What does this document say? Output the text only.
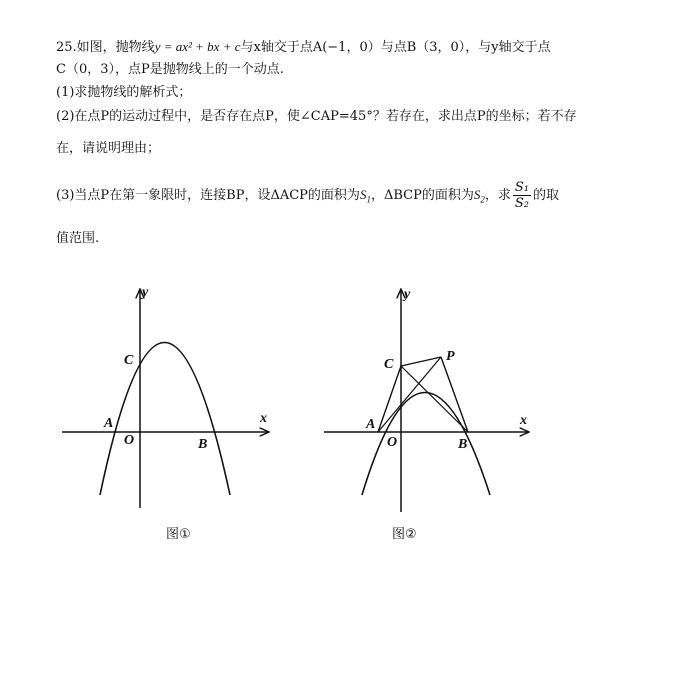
25.如图，抛物线y = ax² + bx + c与x轴交于点A(−1，0）与点B（3，0），与y轴交于点
C（0，3），点P是抛物线上的一个动点.
(1)求抛物线的解析式；
(2)在点P的运动过程中，是否存在点P，使∠CAP=45°？若存在，求出点P的坐标；若不存
在，请说明理由；
(3)当点P在第一象限时，连接BP，设ΔACP的面积为$S_1$，ΔBCP的面积为$S_2$，求 $\frac{\text{S₁}}{\text{S₂}}$ 的取
值范围.
y
x
A
O	B
C
图①
y
x
A
O	B
C
P
图②
